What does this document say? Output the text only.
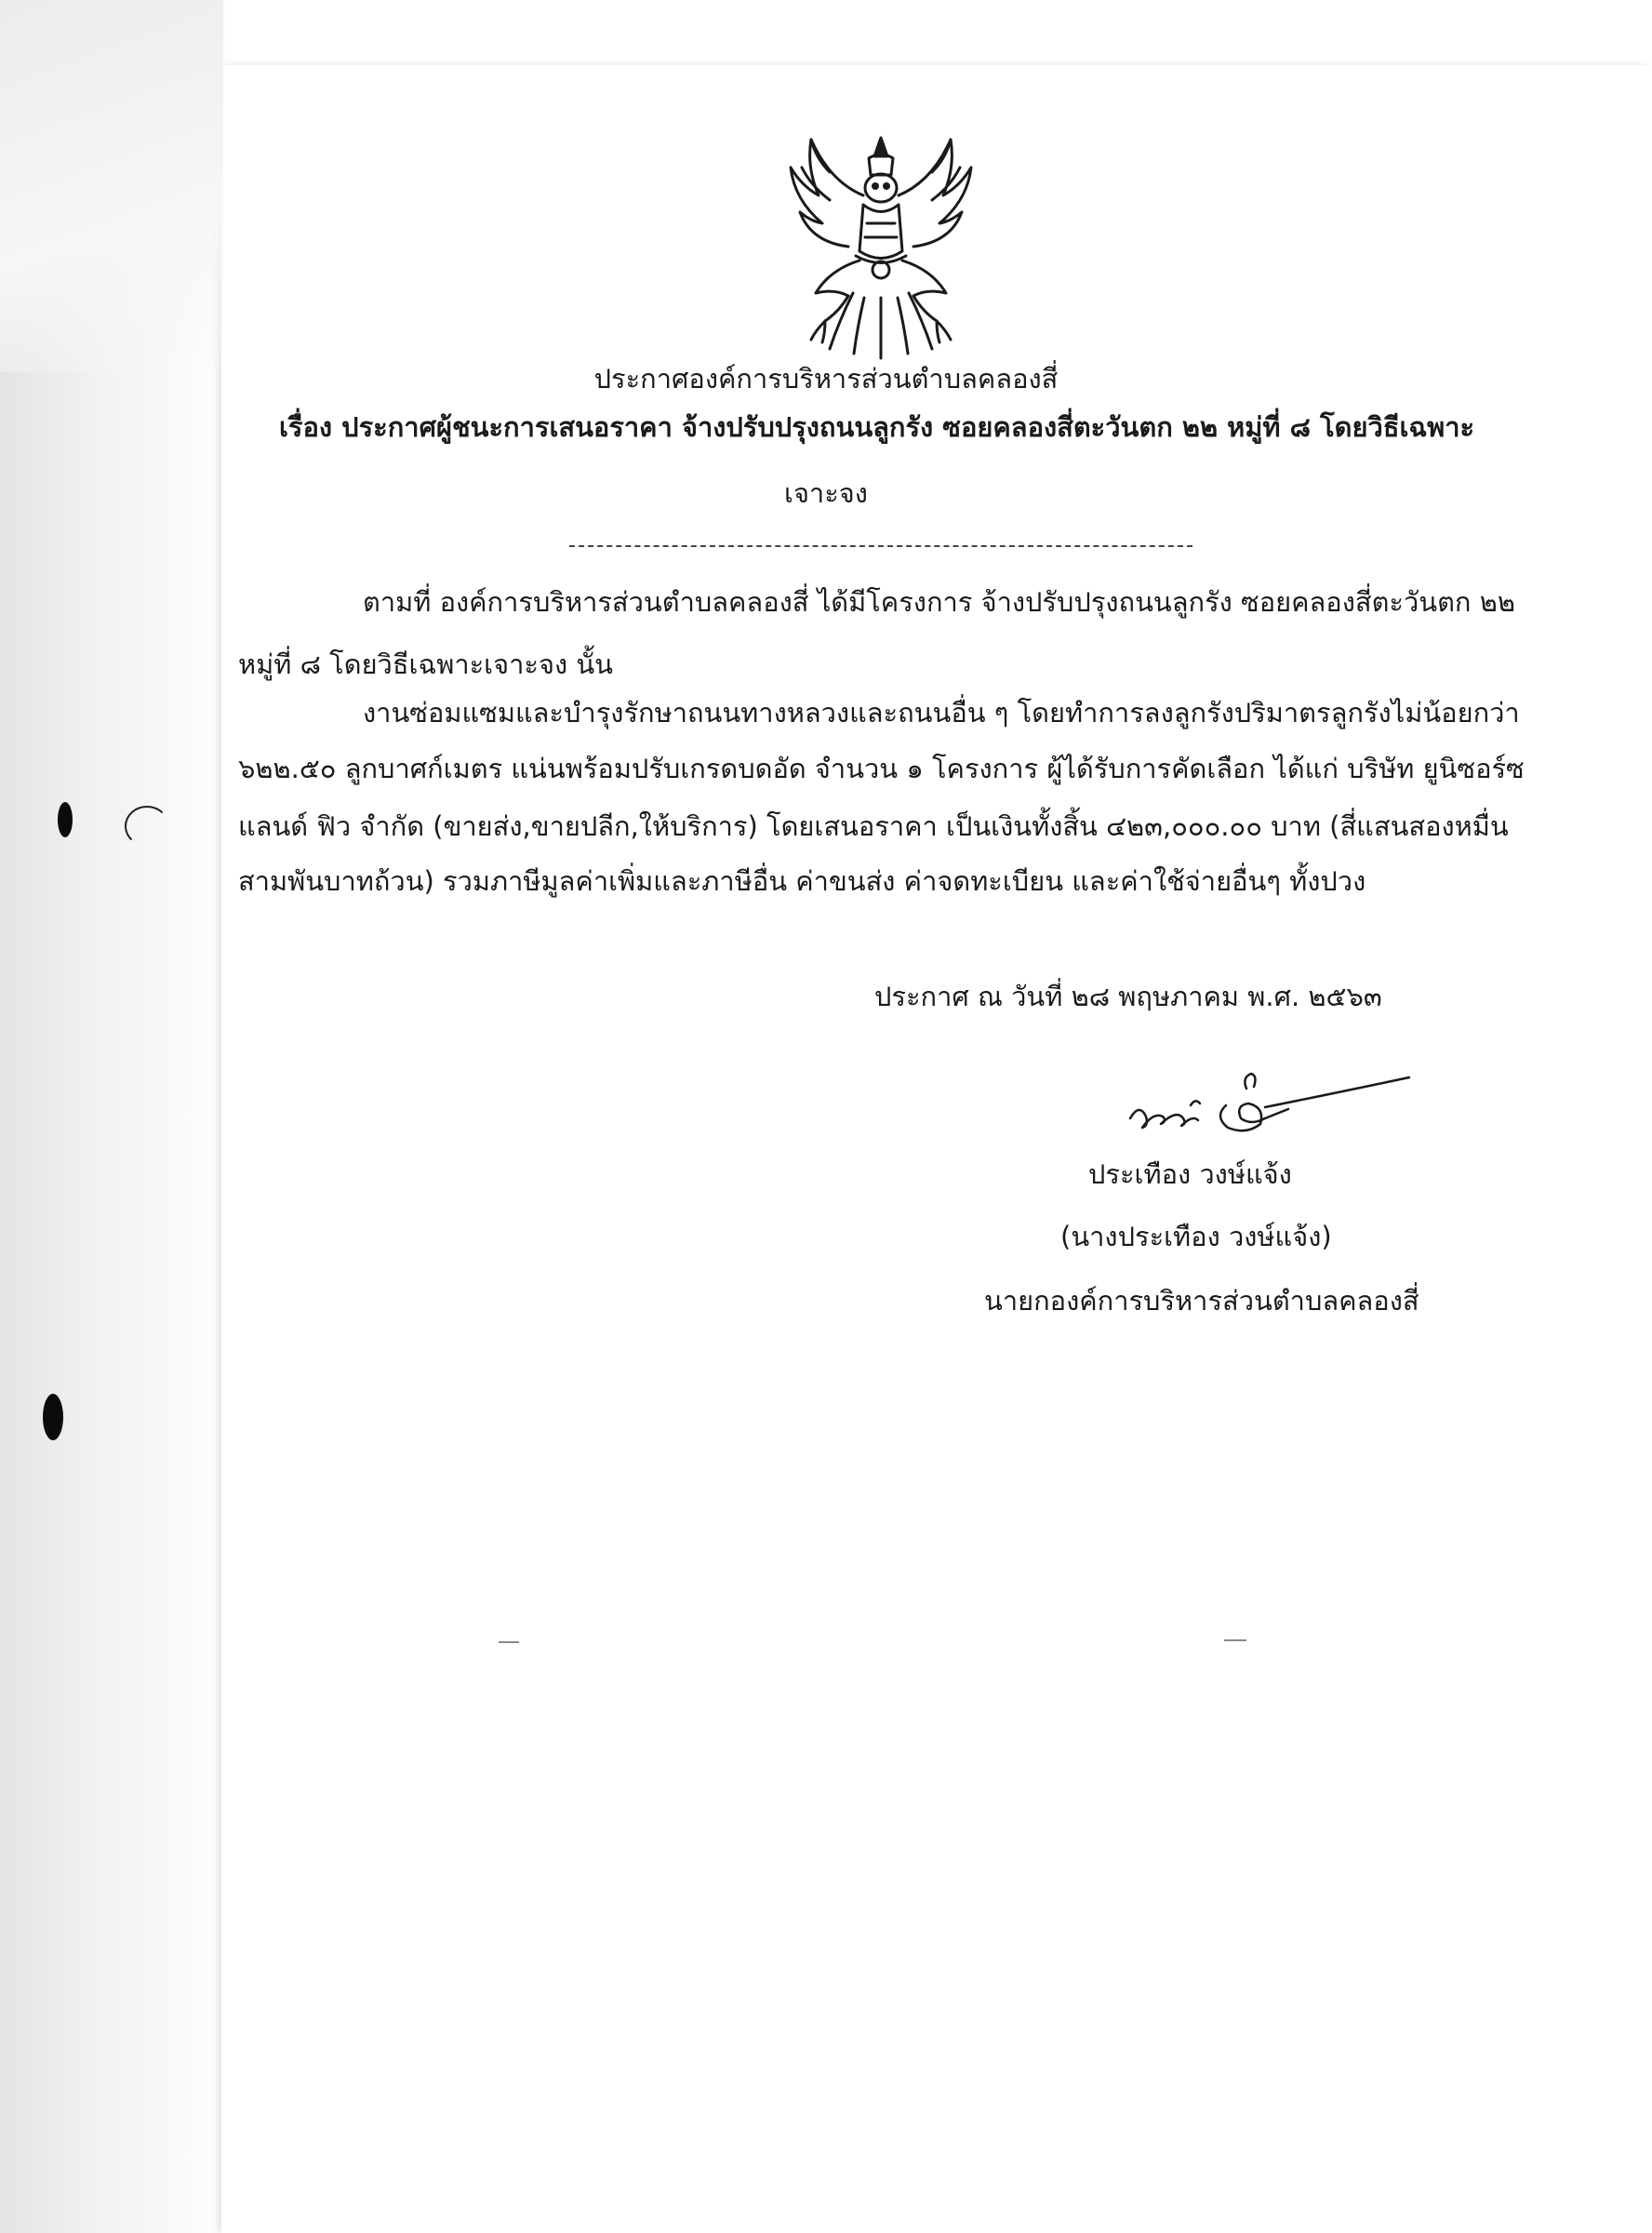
ประกาศองค์การบริหารส่วนตำบลคลองสี่
เรื่อง ประกาศผู้ชนะการเสนอราคา จ้างปรับปรุงถนนลูกรัง ซอยคลองสี่ตะวันตก ๒๒ หมู่ที่ ๘ โดยวิธีเฉพาะ
เจาะจง
ตามที่ องค์การบริหารส่วนตำบลคลองสี่ ได้มีโครงการ จ้างปรับปรุงถนนลูกรัง ซอยคลองสี่ตะวันตก ๒๒
หมู่ที่ ๘ โดยวิธีเฉพาะเจาะจง นั้น
งานซ่อมแซมและบำรุงรักษาถนนทางหลวงและถนนอื่น ๆ โดยทำการลงลูกรังปริมาตรลูกรังไม่น้อยกว่า
๖๒๒.๕๐ ลูกบาศก์เมตร แน่นพร้อมปรับเกรดบดอัด จำนวน ๑ โครงการ ผู้ได้รับการคัดเลือก ได้แก่ บริษัท ยูนิซอร์ซ
แลนด์ ฟิว จำกัด (ขายส่ง,ขายปลีก,ให้บริการ) โดยเสนอราคา เป็นเงินทั้งสิ้น ๔๒๓,๐๐๐.๐๐ บาท (สี่แสนสองหมื่น
สามพันบาทถ้วน) รวมภาษีมูลค่าเพิ่มและภาษีอื่น ค่าขนส่ง ค่าจดทะเบียน และค่าใช้จ่ายอื่นๆ ทั้งปวง
ประกาศ ณ วันที่ ๒๘ พฤษภาคม พ.ศ. ๒๕๖๓
ประเทือง วงษ์แจ้ง
(นางประเทือง วงษ์แจ้ง)
นายกองค์การบริหารส่วนตำบลคลองสี่
